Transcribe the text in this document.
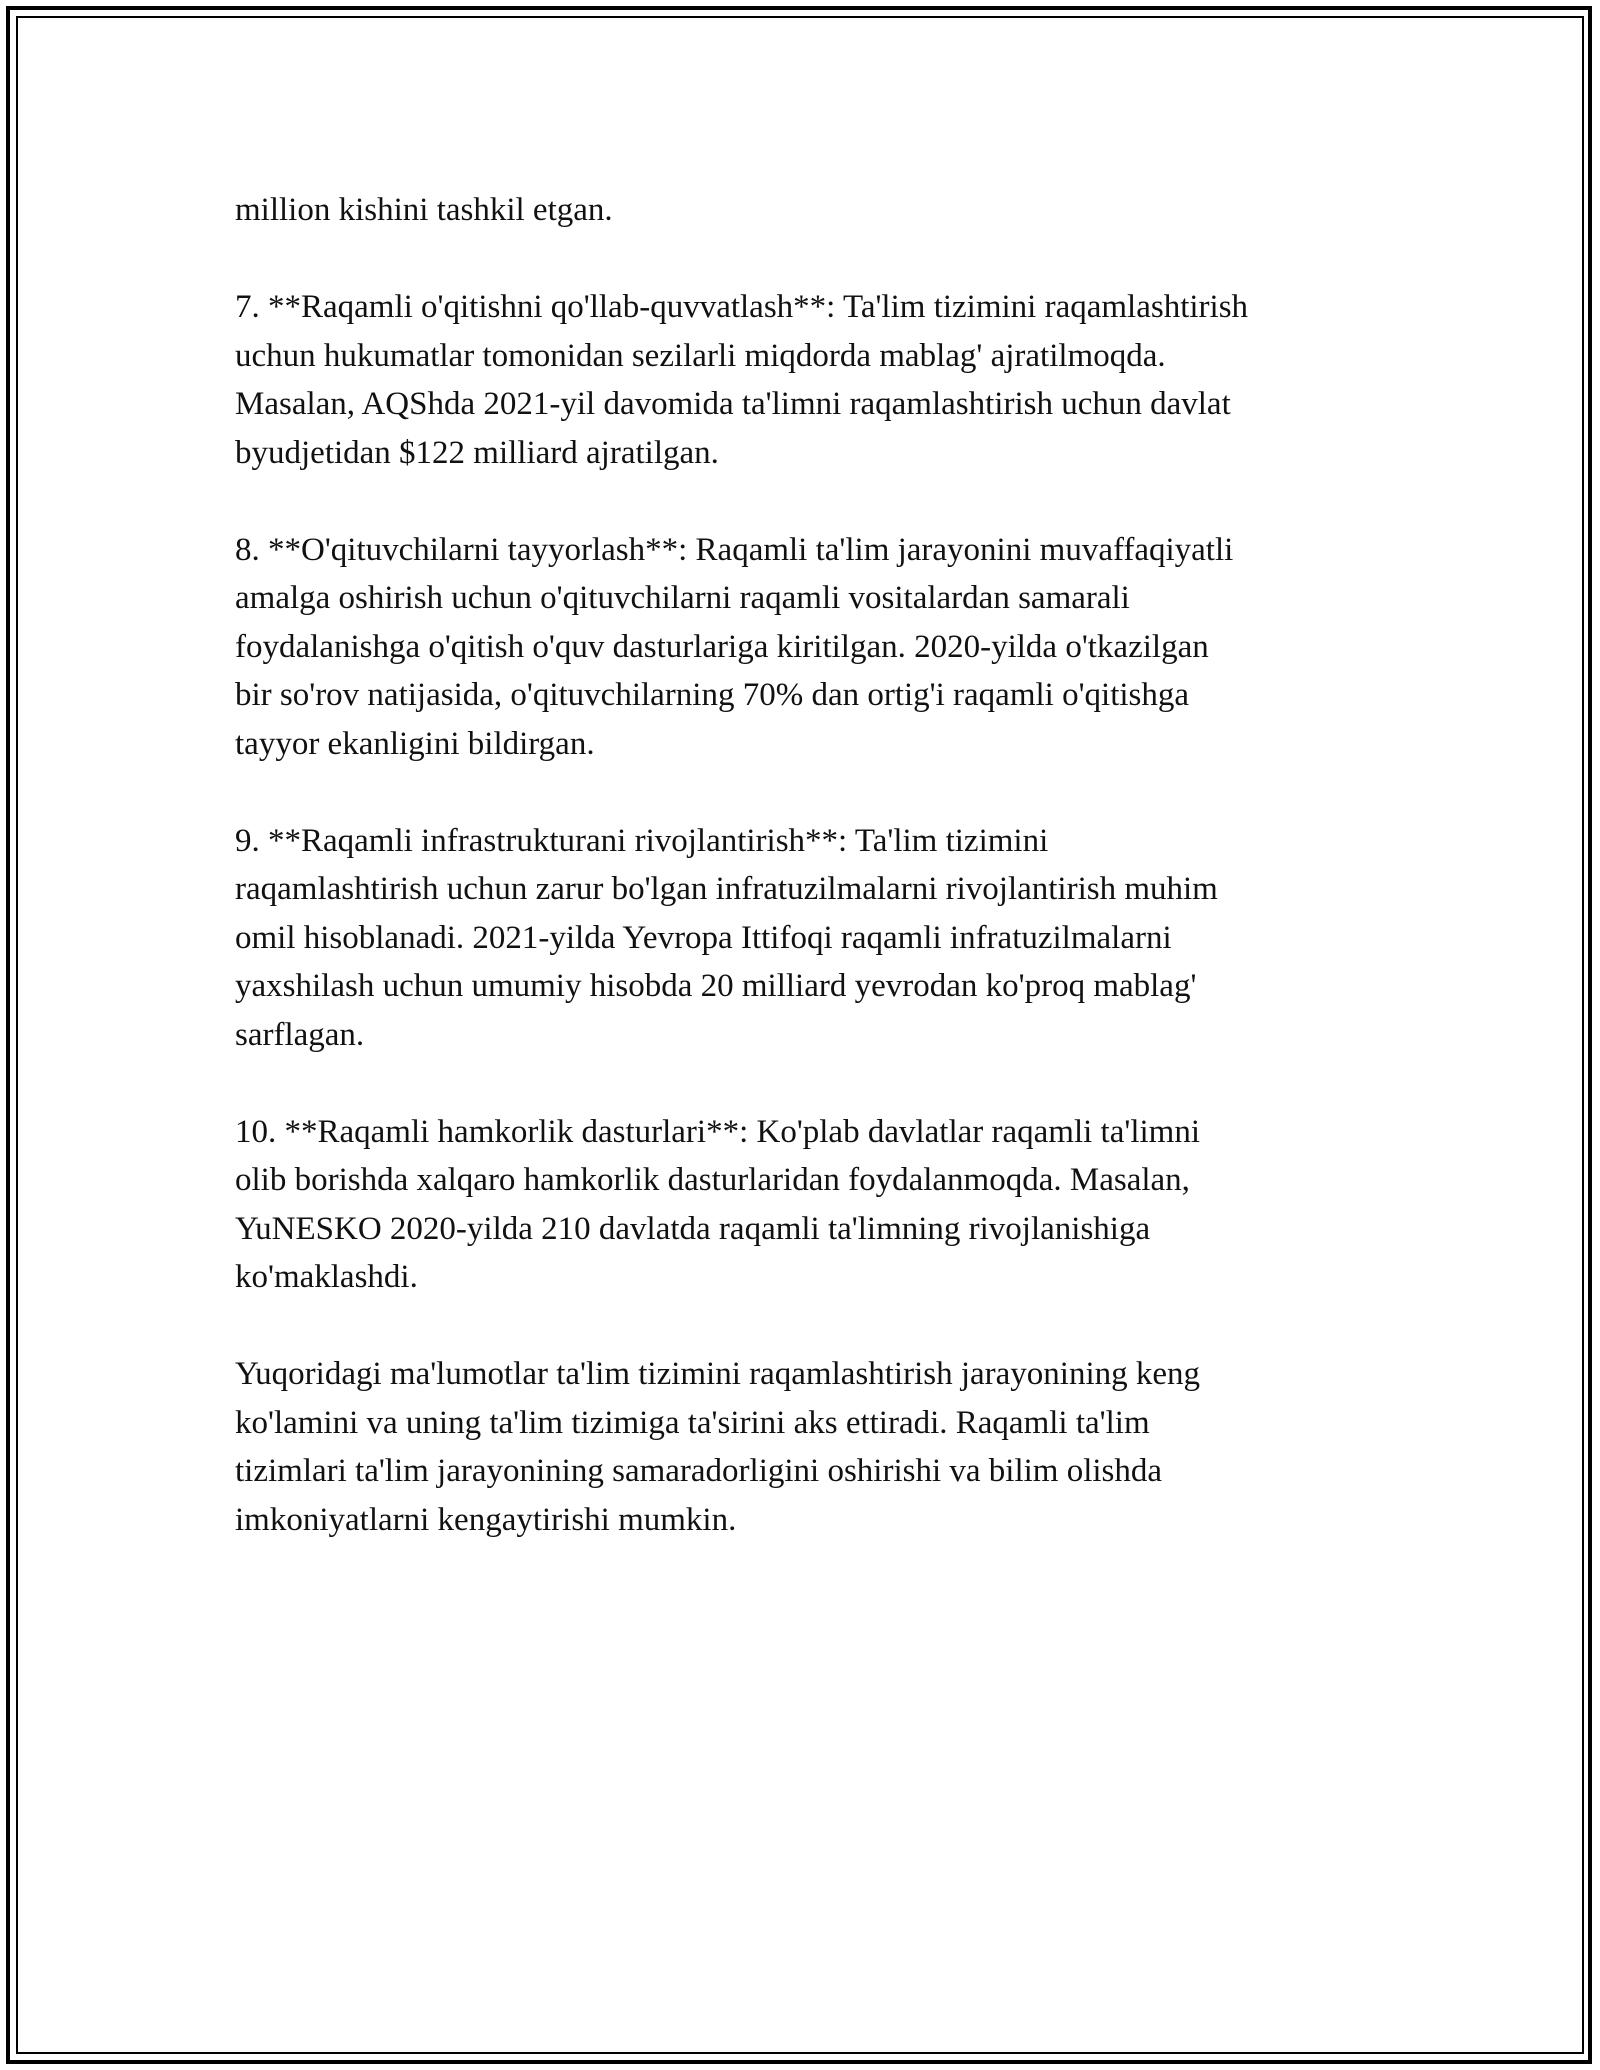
million kishini tashkil etgan.

7. **Raqamli o'qitishni qo'llab-quvvatlash**: Ta'lim tizimini raqamlashtirish
uchun hukumatlar tomonidan sezilarli miqdorda mablag' ajratilmoqda.
Masalan, AQShda 2021-yil davomida ta'limni raqamlashtirish uchun davlat
byudjetidan $122 milliard ajratilgan.

8. **O'qituvchilarni tayyorlash**: Raqamli ta'lim jarayonini muvaffaqiyatli
amalga oshirish uchun o'qituvchilarni raqamli vositalardan samarali
foydalanishga o'qitish o'quv dasturlariga kiritilgan. 2020-yilda o'tkazilgan
bir so'rov natijasida, o'qituvchilarning 70% dan ortig'i raqamli o'qitishga
tayyor ekanligini bildirgan.

9. **Raqamli infrastrukturani rivojlantirish**: Ta'lim tizimini
raqamlashtirish uchun zarur bo'lgan infratuzilmalarni rivojlantirish muhim
omil hisoblanadi. 2021-yilda Yevropa Ittifoqi raqamli infratuzilmalarni
yaxshilash uchun umumiy hisobda 20 milliard yevrodan ko'proq mablag'
sarflagan.

10. **Raqamli hamkorlik dasturlari**: Ko'plab davlatlar raqamli ta'limni
olib borishda xalqaro hamkorlik dasturlaridan foydalanmoqda. Masalan,
YuNESKO 2020-yilda 210 davlatda raqamli ta'limning rivojlanishiga
ko'maklashdi.

Yuqoridagi ma'lumotlar ta'lim tizimini raqamlashtirish jarayonining keng
ko'lamini va uning ta'lim tizimiga ta'sirini aks ettiradi. Raqamli ta'lim
tizimlari ta'lim jarayonining samaradorligini oshirishi va bilim olishda
imkoniyatlarni kengaytirishi mumkin.
